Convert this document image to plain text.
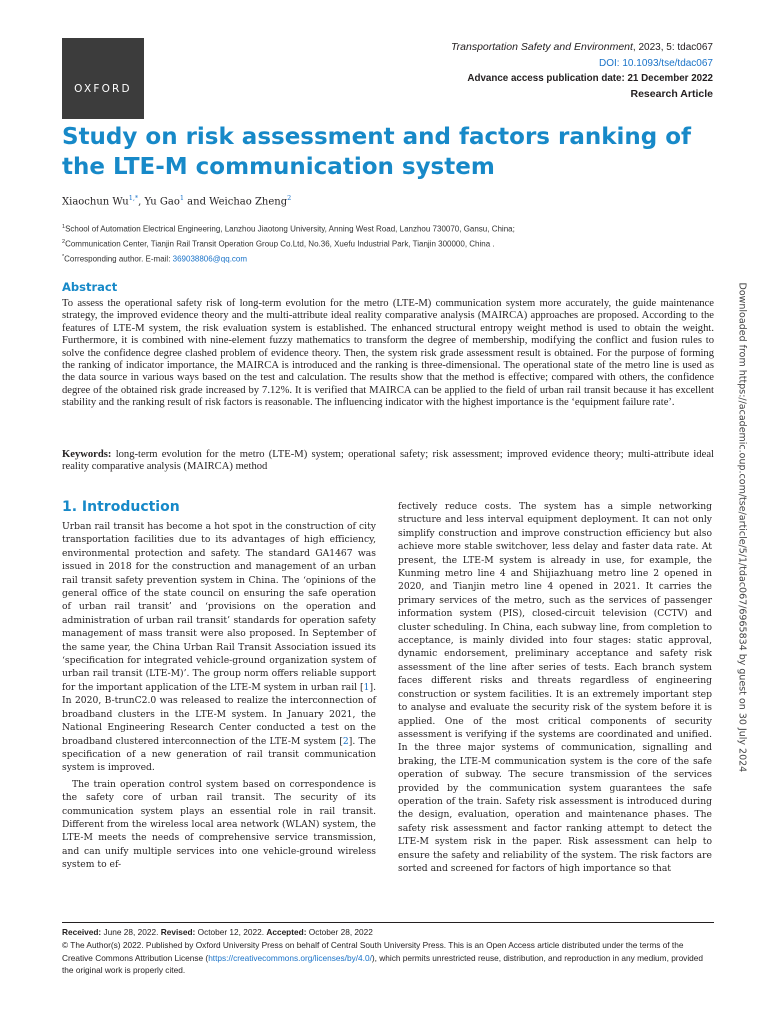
OXFORD
Transportation Safety and Environment, 2023, 5: tdac067
DOI: 10.1093/tse/tdac067
Advance access publication date: 21 December 2022
Research Article
Study on risk assessment and factors ranking of the LTE-M communication system
Xiaochun $Wu^{1,*}$, Yu Gao$^1$ and Weichao Zheng$^2$
$^1$School of Automation Electrical Engineering, Lanzhou Jiaotong University, Anning West Road, Lanzhou 730070, Gansu, China;
$^2$Communication Center, Tianjin Rail Transit Operation Group Co.Ltd, No.36, Xuefu Industrial Park, Tianjin 300000, China .
*Corresponding author. E-mail: 369038806@qq.com
Abstract

To assess the operational safety risk of long-term evolution for the metro (LTE-M) communication system more accurately, the guide maintenance strategy, the improved evidence theory and the multi-attribute ideal reality comparative analysis (MAIRCA) approaches are proposed. According to the features of LTE-M system, the risk evaluation system is established. The enhanced structural entropy weight method is used to obtain the weight. Furthermore, it is combined with nine-element fuzzy mathematics to transform the degree of membership, modifying the conflict and fusion rules to solve the confidence degree clashed problem of evidence theory. Then, the system risk grade assessment result is obtained. For the purpose of forming the ranking of indicator importance, the MAIRCA is introduced and the ranking is three-dimensional. The operational state of the metro line is used as the data source in various ways based on the test and calculation. The results show that the method is effective; compared with others, the confidence degree of the obtained risk grade increased by 7.12%. It is verified that MAIRCA can be applied to the field of urban rail transit because it has excellent stability and the ranking result of risk factors is reasonable. The influencing indicator with the highest importance is the ‘equipment failure rate’.

Keywords: long-term evolution for the metro (LTE-M) system; operational safety; risk assessment; improved evidence theory; multi-attribute ideal reality comparative analysis (MAIRCA) method

1. Introduction

Urban rail transit has become a hot spot in the construction of city transportation facilities due to its advantages of high efficiency, environmental protection and safety. The standard GA1467 was issued in 2018 for the construction and management of an urban rail transit safety prevention system in China. The ‘opinions of the general office of the state council on ensuring the safe operation of urban rail transit’ and ‘provisions on the operation and administration of urban rail transit’ standards for operation safety management of mass transit were also proposed. In September of the same year, the China Urban Rail Transit Association issued its ‘specification for integrated vehicle-ground organization system of urban rail transit (LTE-M)’. The group norm offers reliable support for the important application of the LTE-M system in urban rail [1]. In 2020, B-trunC2.0 was released to realize the interconnection of broadband clusters in the LTE-M system. In January 2021, the National Engineering Research Center conducted a test on the broadband clustered interconnection of the LTE-M system [2]. The specification of a new generation of rail transit communication system is improved.

The train operation control system based on correspondence is the safety core of urban rail transit. The security of its communication system plays an essential role in rail transit. Different from the wireless local area network (WLAN) system, the LTE-M meets the needs of comprehensive service transmission, and can unify multiple services into one vehicle-ground wireless system to ef-

fectively reduce costs. The system has a simple networking structure and less interval equipment deployment. It can not only simplify construction and improve construction efficiency but also achieve more stable switchover, less delay and faster data rate. At present, the LTE-M system is already in use, for example, the Kunming metro line 4 and Shijiazhuang metro line 2 opened in 2020, and Tianjin metro line 4 opened in 2021. It carries the primary services of the metro, such as the services of passenger information system (PIS), closed-circuit television (CCTV) and cluster scheduling. In China, each subway line, from completion to acceptance, is mainly divided into four stages: static approval, dynamic endorsement, preliminary acceptance and safety risk assessment of the line after series of tests. Each branch system faces different risks and threats regardless of engineering construction or system facilities. It is an extremely important step to analyse and evaluate the security risk of the system before it is applied. One of the most critical components of security assessment is verifying if the systems are coordinated and unified. In the three major systems of communication, signalling and braking, the LTE-M communication system is the core of the safe operation of subway. The secure transmission of the services provided by the communication system guarantees the safe operation of the train. Safety risk assessment is introduced during the design, evaluation, operation and maintenance phases. The safety risk assessment and factor ranking attempt to detect the LTE-M system risk in the paper. Risk assessment can help to ensure the safety and reliability of the system. The risk factors are sorted and screened for factors of high importance so that

Received: June 28, 2022. Revised: October 12, 2022. Accepted: October 28, 2022
© The Author(s) 2022. Published by Oxford University Press on behalf of Central South University Press. This is an Open Access article distributed under the terms of the Creative Commons Attribution License (https://creativecommons.org/licenses/by/4.0/), which permits unrestricted reuse, distribution, and reproduction in any medium, provided the original work is properly cited.
Downloaded from https://academic.oup.com/tse/article/5/1/tdac067/6965834 by guest on 30 July 2024
